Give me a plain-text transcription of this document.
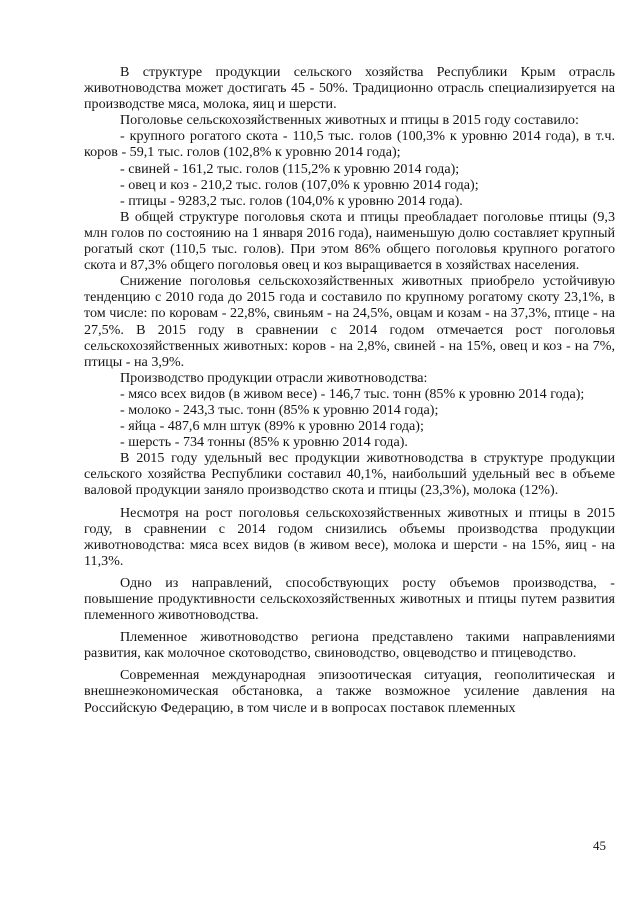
В структуре продукции сельского хозяйства Республики Крым отрасль животноводства может достигать 45 - 50%. Традиционно отрасль специализируется на производстве мяса, молока, яиц и шерсти.

Поголовье сельскохозяйственных животных и птицы в 2015 году составило:

- крупного рогатого скота - 110,5 тыс. голов (100,3% к уровню 2014 года), в т.ч. коров - 59,1 тыс. голов (102,8% к уровню 2014 года);

- свиней - 161,2 тыс. голов (115,2% к уровню 2014 года);

- овец и коз - 210,2 тыс. голов (107,0% к уровню 2014 года);

- птицы - 9283,2 тыс. голов (104,0% к уровню 2014 года).

В общей структуре поголовья скота и птицы преобладает поголовье птицы (9,3 млн голов по состоянию на 1 января 2016 года), наименьшую долю составляет крупный рогатый скот (110,5 тыс. голов). При этом 86% общего поголовья крупного рогатого скота и 87,3% общего поголовья овец и коз выращивается в хозяйствах населения.

Снижение поголовья сельскохозяйственных животных приобрело устойчивую тенденцию с 2010 года до 2015 года и составило по крупному рогатому скоту 23,1%, в том числе: по коровам - 22,8%, свиньям - на 24,5%, овцам и козам - на 37,3%, птице - на 27,5%. В 2015 году в сравнении с 2014 годом отмечается рост поголовья сельскохозяйственных животных: коров - на 2,8%, свиней - на 15%, овец и коз - на 7%, птицы - на 3,9%.

Производство продукции отрасли животноводства:

- мясо всех видов (в живом весе) - 146,7 тыс. тонн (85% к уровню 2014 года);

- молоко - 243,3 тыс. тонн (85% к уровню 2014 года);

- яйца - 487,6 млн штук (89% к уровню 2014 года);

- шерсть - 734 тонны (85% к уровню 2014 года).

В 2015 году удельный вес продукции животноводства в структуре продукции сельского хозяйства Республики составил 40,1%, наибольший удельный вес в объеме валовой продукции заняло производство скота и птицы (23,3%), молока (12%).

Несмотря на рост поголовья сельскохозяйственных животных и птицы в 2015 году, в сравнении с 2014 годом снизились объемы производства продукции животноводства: мяса всех видов (в живом весе), молока и шерсти - на 15%, яиц - на 11,3%.

Одно из направлений, способствующих росту объемов производства, - повышение продуктивности сельскохозяйственных животных и птицы путем развития племенного животноводства.

Племенное животноводство региона представлено такими направлениями развития, как молочное скотоводство, свиноводство, овцеводство и птицеводство.

Современная международная эпизоотическая ситуация, геополитическая и внешнеэкономическая обстановка, а также возможное усиление давления на Российскую Федерацию, в том числе и в вопросах поставок племенных

45
